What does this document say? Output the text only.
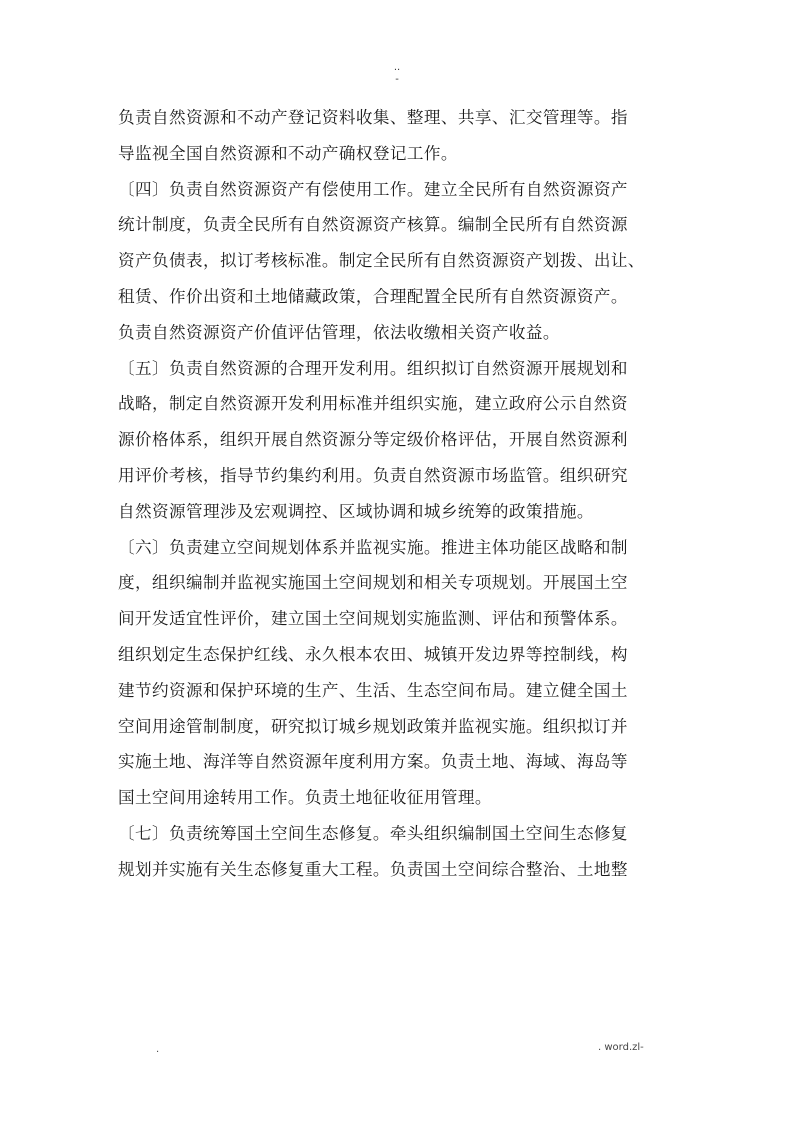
..
-
负责自然资源和不动产登记资料收集、整理、共享、汇交管理等。指
导监视全国自然资源和不动产确权登记工作。
〔四〕负责自然资源资产有偿使用工作。建立全民所有自然资源资产
统计制度，负责全民所有自然资源资产核算。编制全民所有自然资源
资产负债表，拟订考核标准。制定全民所有自然资源资产划拨、出让、
租赁、作价出资和土地储藏政策，合理配置全民所有自然资源资产。
负责自然资源资产价值评估管理，依法收缴相关资产收益。
〔五〕负责自然资源的合理开发利用。组织拟订自然资源开展规划和
战略，制定自然资源开发利用标准并组织实施，建立政府公示自然资
源价格体系，组织开展自然资源分等定级价格评估，开展自然资源利
用评价考核，指导节约集约利用。负责自然资源市场监管。组织研究
自然资源管理涉及宏观调控、区域协调和城乡统筹的政策措施。
〔六〕负责建立空间规划体系并监视实施。推进主体功能区战略和制
度，组织编制并监视实施国土空间规划和相关专项规划。开展国土空
间开发适宜性评价，建立国土空间规划实施监测、评估和预警体系。
组织划定生态保护红线、永久根本农田、城镇开发边界等控制线，构
建节约资源和保护环境的生产、生活、生态空间布局。建立健全国土
空间用途管制制度，研究拟订城乡规划政策并监视实施。组织拟订并
实施土地、海洋等自然资源年度利用方案。负责土地、海域、海岛等
国土空间用途转用工作。负责土地征收征用管理。
〔七〕负责统筹国土空间生态修复。牵头组织编制国土空间生态修复
规划并实施有关生态修复重大工程。负责国土空间综合整治、土地整
.	. word.zl-
